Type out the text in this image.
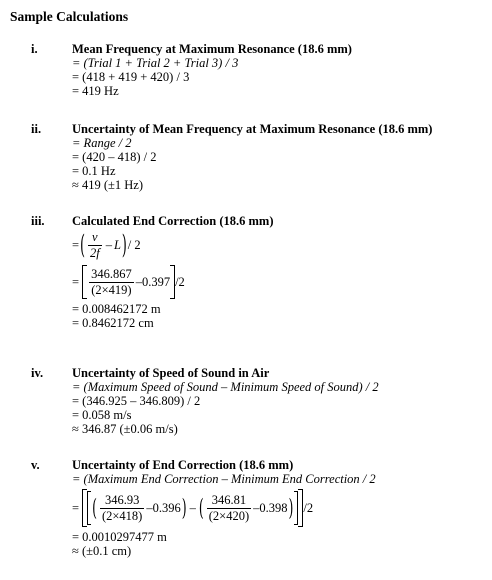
Sample Calculations
i.	Mean Frequency at Maximum Resonance (18.6 mm)
= (Trial 1 + Trial 2 + Trial 3) / 3
= (418 + 419 + 420) / 3
= 419 Hz
ii. Uncertainty of Mean Frequency at Maximum Resonance (18.6 mm)
= Range / 2
= (420 – 418) / 2
= 0.1 Hz
≈ 419 (±1 Hz)
iii. Calculated End Correction (18.6 mm)
= ( $\frac{v}{2f}$ – L ) / 2
= $\frac{346.867}{(2\times 419)} -0.397$ /2
= 0.008462172 m
= 0.8462172 cm
iv. Uncertainty of Speed of Sound in Air
= (Maximum Speed of Sound – Minimum Speed of Sound) / 2
= (346.925 – 346.809) / 2
= 0.058 m/s
≈ 346.87 (±0.06 m/s)
v.	Uncertainty of End Correction (18.6 mm)
= (Maximum End Correction – Minimum End Correction / 2
= ( $\frac{346.93}{(2\times 418)} -0.396$ ) – ( $\frac{346.81}{(2\times 420)} -0.398$ ) /2
= 0.0010297477 m
≈ (±0.1 cm)
